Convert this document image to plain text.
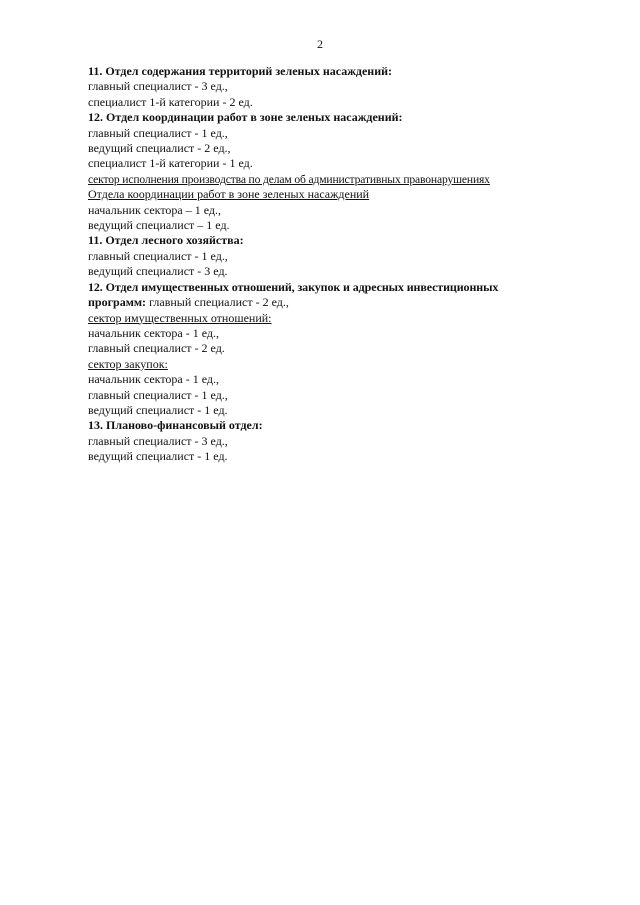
2

11. Отдел содержания территорий зеленых насаждений:

главный специалист - 3 ед.,

специалист 1-й категории - 2 ед.

12. Отдел координации работ в зоне зеленых насаждений:

главный специалист - 1 ед.,

ведущий специалист - 2 ед.,

специалист 1-й категории - 1 ед.

сектор исполнения производства по делам об административных правонарушениях

Отдела координации работ в зоне зеленых насаждений

начальник сектора – 1 ед.,

ведущий специалист – 1 ед.

11. Отдел лесного хозяйства:

главный специалист - 1 ед.,

ведущий специалист - 3 ед.

12. Отдел имущественных отношений, закупок и адресных инвестиционных

программ: главный специалист - 2 ед.,

сектор имущественных отношений:

начальник сектора - 1 ед.,

главный специалист - 2 ед.

сектор закупок:

начальник сектора - 1 ед.,

главный специалист - 1 ед.,

ведущий специалист - 1 ед.

13. Планово-финансовый отдел:

главный специалист - 3 ед.,

ведущий специалист - 1 ед.
